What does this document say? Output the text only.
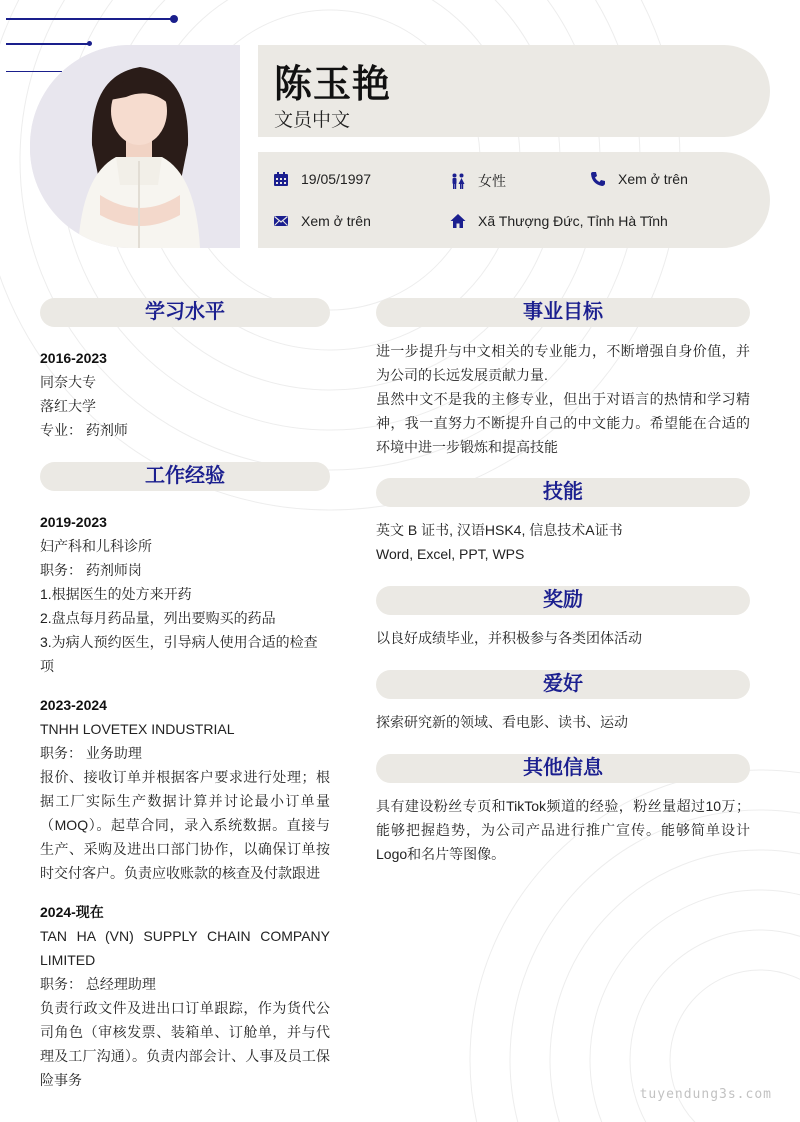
陈玉艳
文员中文
19/05/1997	女性	Xem ở trên
Xem ở trên	Xã Thượng Đức, Tỉnh Hà Tĩnh
学习水平
2016-2023
同奈大专
落红大学
专业： 药剂师
工作经验
2019-2023
妇产科和儿科诊所
职务： 药剂师岗
1.根据医生的处方来开药
2.盘点每月药品量，列出要购买的药品
3.为病人预约医生，引导病人使用合适的检查项
2023-2024
TNHH LOVETEX INDUSTRIAL
职务： 业务助理
报价、接收订单并根据客户要求进行处理；根据工厂实际生产数据计算并讨论最小订单量（MOQ）。起草合同，录入系统数据。直接与生产、采购及进出口部门协作，以确保订单按时交付客户。负责应收账款的核查及付款跟进
2024-现在
TAN HA (VN) SUPPLY CHAIN COMPANY LIMITED
职务： 总经理助理
负责行政文件及进出口订单跟踪，作为货代公司角色（审核发票、装箱单、订舱单，并与代理及工厂沟通）。负责内部会计、人事及员工保险事务
事业目标
进一步提升与中文相关的专业能力，不断增强自身价值，并为公司的长远发展贡献力量.
虽然中文不是我的主修专业，但出于对语言的热情和学习精神，我一直努力不断提升自己的中文能力。希望能在合适的环境中进一步锻炼和提高技能
技能
英文 B 证书, 汉语HSK4, 信息技术A证书
Word, Excel, PPT, WPS
奖励
以良好成绩毕业，并积极参与各类团体活动
爱好
探索研究新的领域、看电影、读书、运动
其他信息
具有建设粉丝专页和TikTok频道的经验，粉丝量超过10万；能够把握趋势，为公司产品进行推广宣传。能够简单设计Logo和名片等图像。
tuyendung3s.com
